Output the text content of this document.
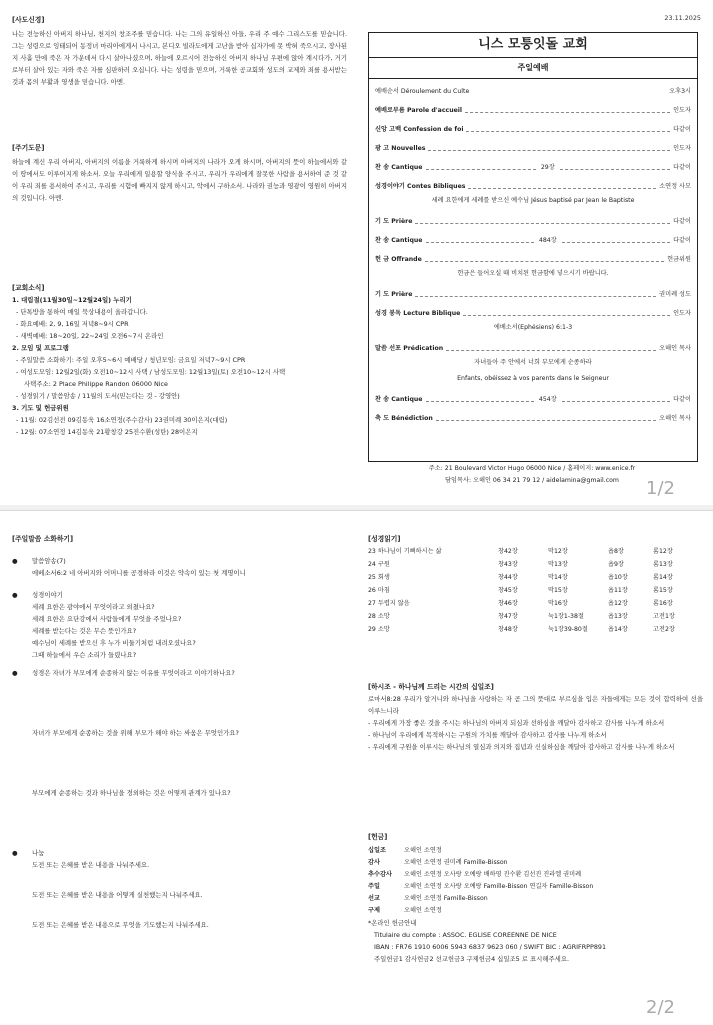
23.11.2025
[사도신경]
나는 전능하신 아버지 하나님, 천지의 창조주를 믿습니다. 나는 그의 유일하신 아들, 우리 주 예수 그리스도를 믿습니다. 그는 성령으로 잉태되어 동정녀 마리아에게서 나시고, 본디오 빌라도에게 고난을 받아 십자가에 못 박혀 죽으시고, 장사된 지 사흘 만에 죽은 자 가운데서 다시 살아나셨으며, 하늘에 오르시어 전능하신 아버지 하나님 우편에 앉아 계시다가, 거기로부터 살아 있는 자와 죽은 자를 심판하러 오십니다. 나는 성령을 믿으며, 거룩한 공교회와 성도의 교제와 죄를 용서받는 것과 몸의 부활과 영생을 믿습니다. 아멘.
[주기도문]
하늘에 계신 우리 아버지, 아버지의 이름을 거룩하게 하시며 아버지의 나라가 오게 하시며, 아버지의 뜻이 하늘에서와 같이 땅에서도 이루어지게 하소서. 오늘 우리에게 일용할 양식을 주시고, 우리가 우리에게 잘못한 사람을 용서하여 준 것 같이 우리 죄를 용서하여 주시고, 우리를 시험에 빠지지 않게 하시고, 악에서 구하소서. 나라와 권능과 영광이 영원히 아버지의 것입니다. 아멘.
[교회소식]
1. 대림절(11월30일~12월24일) 누리기
- 단톡방을 통하여 매일 묵상내용이 올라갑니다.
- 화요예배: 2, 9, 16일 저녁8~9시 CPR
- 새벽예배: 18~20일, 22~24일 오전6~7시 온라인
2. 모임 및 프로그램
- 주일말씀 소화하기: 주일 오후5~6시 예배당 / 청년모임: 금요일 저녁7~9시 CPR
- 여성도모임: 12월2일(화) 오전10~12시 사택 / 남성도모임: 12월13일(토) 오전10~12시 사택
사택주소: 2 Place Philippe Randon 06000 Nice
- 성경읽기 / 말씀암송 / 11월의 도서(믿는다는 것 - 강영안)
3. 기도 및 헌금위원
- 11월: 02김선전 09김동욱 16소연정(주수감사) 23권미례 30이은지(대림)
- 12월: 07소연정 14김동욱 21황창강 25진수환(성탄) 28이은지
니스 모퉁잇돌 교회
주일예배
예배순서 Déroulement du Culte	오후3시
예배로부름 Parole d'accueil	인도자
신앙 고백 Confession de foi	다같이
광 고 Nouvelles	인도자
찬 송 Cantique	29장	다같이
성경이야기 Contes Bibliques	소연정 사모
세례 요한에게 세례를 받으신 예수님 Jésus baptisé par Jean le Baptiste
기 도 Prière	다같이
찬 송 Cantique	484장	다같이
헌 금 Offrande	헌금위원
헌금은 들어오실 때 비치된 헌금함에 넣으시기 바랍니다.
기 도 Prière	권미례 성도
성경 봉독 Lecture Biblique	인도자
에베소서(Ephésiens) 6:1-3
말씀 선포 Prédication	오해인 목사
자녀들아 주 안에서 너희 부모에게 순종하라
Enfants, obéissez à vos parents dans le Seigneur
찬 송 Cantique	454장	다같이
축 도 Bénédiction	오해인 목사
주소: 21 Boulevard Victor Hugo 06000 Nice / 홈페이지: www.enice.fr
담임목사: 오해인 06 34 21 79 12 / aidelamina@gmail.com	1/2
[주일말씀 소화하기]
● 말씀암송(7)
에베소서6:2 네 아버지와 어머니를 공경하라 이것은 약속이 있는 첫 계명이니
● 성경이야기
세례 요한은 광야에서 무엇이라고 외쳤나요?
세례 요한은 요단강에서 사람들에게 무엇을 주었나요?
세례를 받는다는 것은 무슨 뜻인가요?
예수님이 세례를 받으신 후 누가 비둘기처럼 내려오셨나요?
그때 하늘에서 우슨 소리가 들렸나요?
● 성경은 자녀가 부모에게 순종하지 않는 이유를 무엇이라고 이야기하나요?
자녀가 부모에게 순종하는 것을 위해 부모가 해야 하는 싸움은 무엇인가요?
부모에게 순종하는 것과 하나님을 경외하는 것은 어떻게 관계가 있나요?
● 나눔
도전 또는 은혜를 받은 내용을 나눠주세요.
도전 또는 은혜를 받은 내용을 어떻게 실천했는지 나눠주세요.
도전 또는 은혜를 받은 내용으로 무엇을 기도했는지 나눠주세요.
[성경읽기]
23 하나님이 기뻐하시는 삶	창42장	막12장	욥8장	롬12장
24 구원	창43장	막13장	욥9장	롬13장
25 회생	창44장	막14장	욥10장	롬14장
26 마침	창45장	막15장	욥11장	롬15장
27 두렵지 않음	창46장	막16장	욥12장	롬16장
28 소망	창47장	눅1장1-38절	욥13장	고전1장
29 소망	창48장	눅1장39-80절	욥14장	고전2장
[하시조 - 하나님께 드리는 시간의 십일조]
로마서8:28 우리가 알거니와 하나님을 사랑하는 자 곧 그의 뜻대로 부르심을 입은 자들에게는 모든 것이 합력하여 선을 이루느니라
- 우리에게 가장 좋은 것을 주시는 하나님의 아버지 되심과 선하심을 깨달아 감사하고 감사를 나누게 하소서
- 하나님이 우리에게 목적하시는 구원의 가치를 깨달아 감사하고 감사를 나누게 하소서
- 우리에게 구원을 이루시는 하나님의 열심과 의지와 집념과 신실하심을 깨달아 감사하고 감사를 나누게 하소서
[헌금]
십일조	오해인 소연정
감사	오해인 소연정 권미례 Famille-Bisson
추수감사	오해인 소연정 오사랑 오예랑 배하영 진수환 김선진 진라엘 권미례
주일	오해인 소연정 오사랑 오예랑 Famille-Bisson 연길자 Famille-Bisson
선교	오해인 소연정 Famille-Bisson
구제	오해인 소연정
*온라인 헌금안내
Titulaire du compte : ASSOC. EGLISE COREENNE DE NICE
IBAN : FR76 1910 6006 5943 6837 9623 060 / SWIFT BIC : AGRIFRPP891
주일헌금1 감사헌금2 선교헌금3 구제헌금4 십일조5 로 표시해주세요.
2/2
